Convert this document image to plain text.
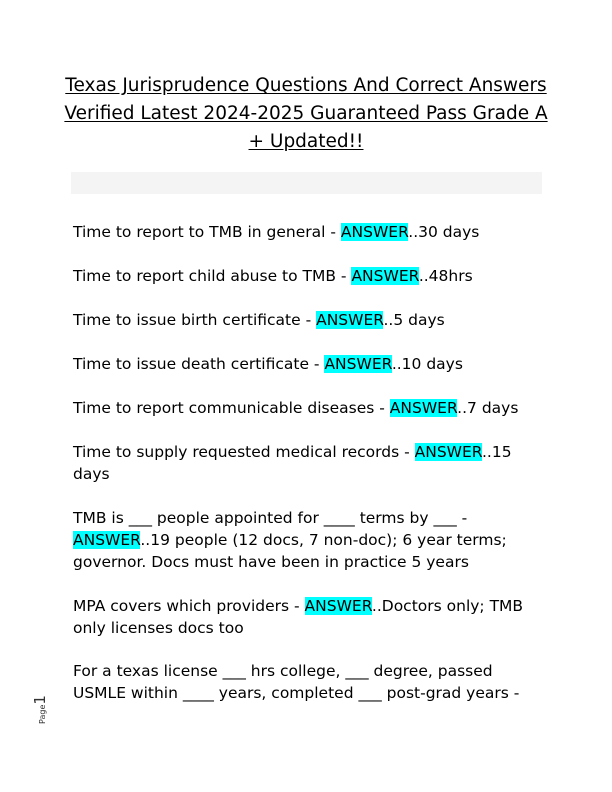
Texas Jurisprudence Questions And Correct Answers
Verified Latest 2024-2025 Guaranteed Pass Grade A
+ Updated!!

Time to report to TMB in general - ANSWER..30 days

Time to report child abuse to TMB - ANSWER..48hrs

Time to issue birth certificate - ANSWER..5 days

Time to issue death certificate - ANSWER..10 days

Time to report communicable diseases - ANSWER..7 days

Time to supply requested medical records - ANSWER..15 days

TMB is ___ people appointed for ____ terms by ___ - ANSWER..19 people (12 docs, 7 non-doc); 6 year terms; governor. Docs must have been in practice 5 years

MPA covers which providers - ANSWER..Doctors only; TMB only licenses docs too

For a texas license ___ hrs college, ___ degree, passed USMLE within ____ years, completed ___ post-grad years -

Page1
